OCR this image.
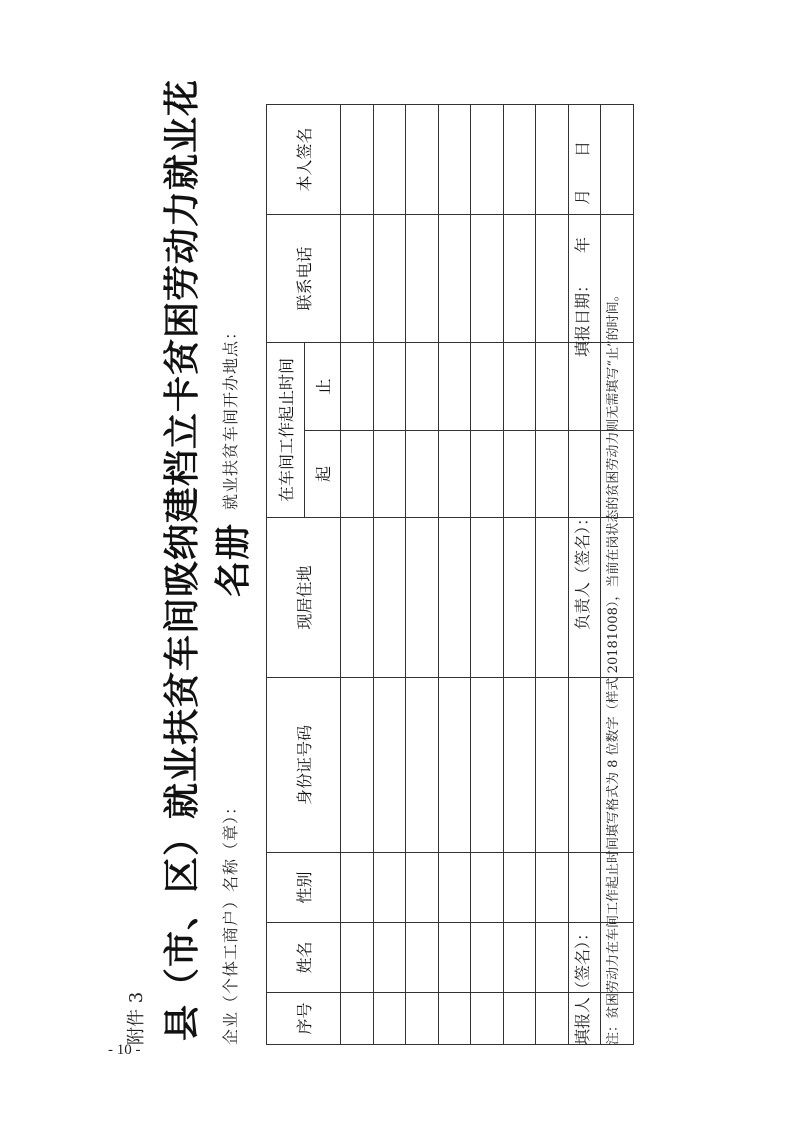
- 10 -
附件 3 县（市、区）就业扶贫车间吸纳建档立卡贫困劳动力就业花名册
企业（个体工商户）名称（章）：
就业扶贫车间开办地点：
序号	姓名	性别	身份证号码	现居住地	在车间工作起止时间		联系电话	本人签名
					起	止		

填报人（签名）：
负责人（签名）：
填报日期：　　年　　月　　日
注：贫困劳动力在车间工作起止时间填写格式为 8 位数字（样式 20181008），当前在岗状态的贫困劳动力则无需填写“止”的时间。
